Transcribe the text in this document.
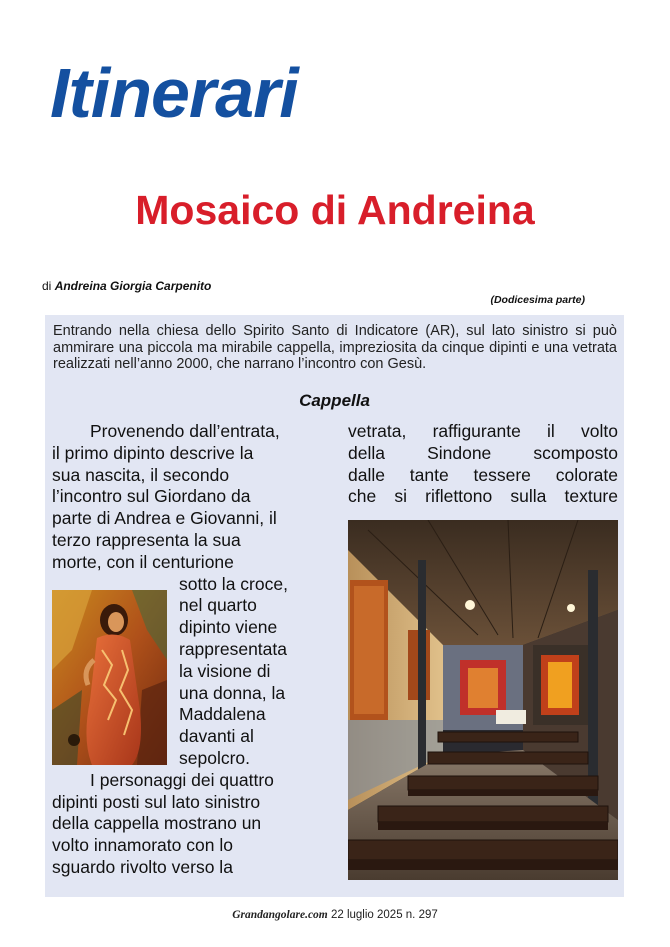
Itinerari
Mosaico di Andreina
di Andreina Giorgia Carpenito
(Dodicesima parte)
Entrando nella chiesa dello Spirito Santo di Indicatore (AR), sul lato sinistro si può ammirare una piccola ma mirabile cappella, impreziosita da cinque dipinti e una vetrata realizzati nell’anno 2000, che narrano l’incontro con Gesù.
Cappella

Provenendo dall’entrata,

il primo dipinto descrive la

sua nascita, il secondo

l’incontro sul Giordano da

parte di Andrea e Giovanni, il

terzo rappresenta la sua

morte, con il centurione

sotto la croce,

nel quarto

dipinto viene

rappresentata

la visione di

una donna, la

Maddalena

davanti al

sepolcro.

I personaggi dei quattro

dipinti posti sul lato sinistro

della cappella mostrano un

volto innamorato con lo

sguardo rivolto verso la

vetrata, raffigurante il volto
della Sindone scomposto
dalle tante tessere colorate
che si riflettono sulla texture
Grandangolare.com 22 luglio 2025 n. 297
